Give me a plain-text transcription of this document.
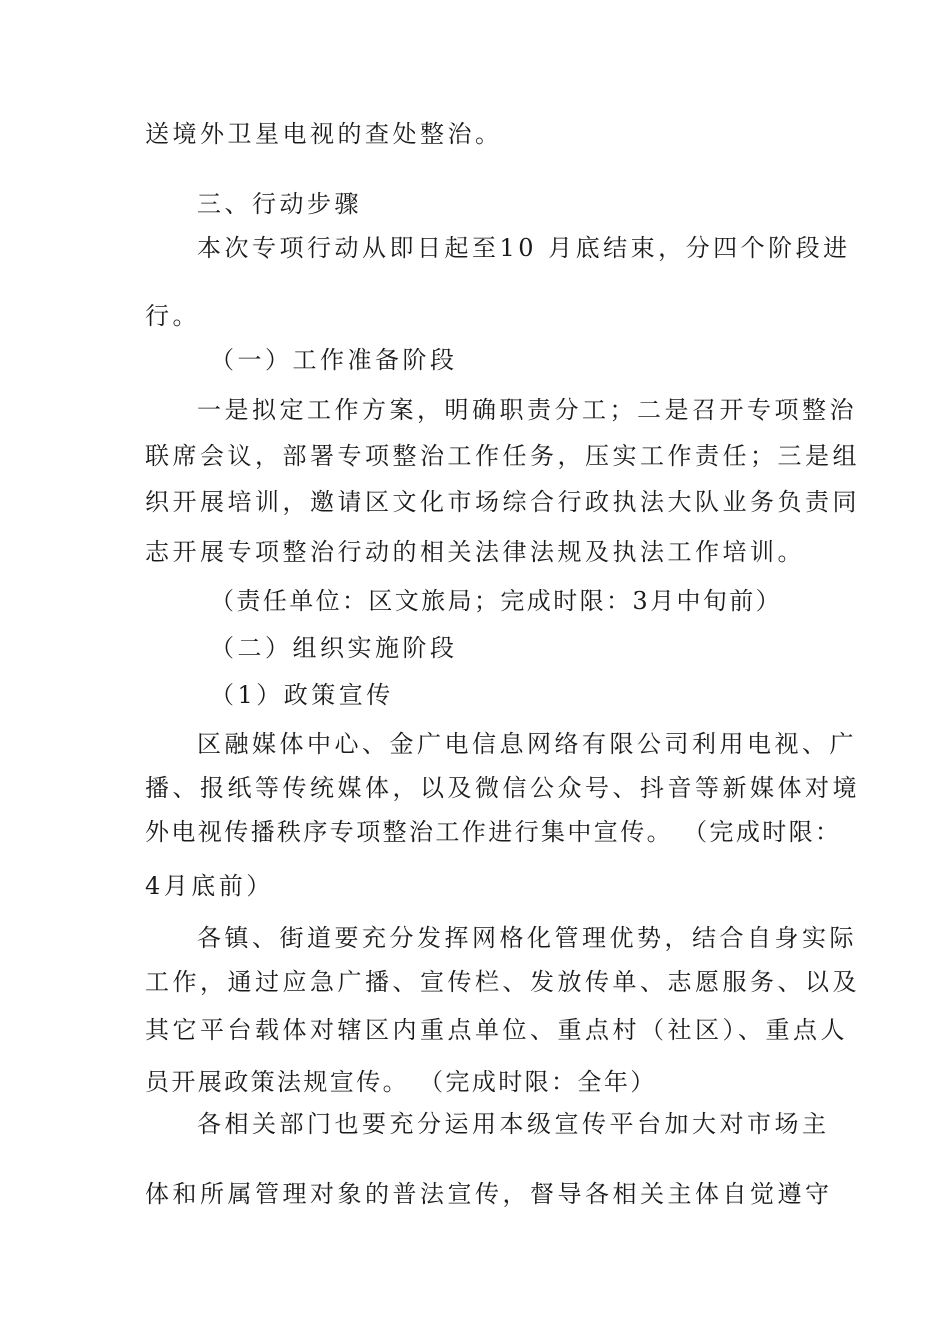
送境外卫星电视的查处整治。
三、行动步骤
本次专项行动从即日起至10 月底结束，分四个阶段进
行。
（一）工作准备阶段
一是拟定工作方案，明确职责分工；二是召开专项整治
联席会议，部署专项整治工作任务，压实工作责任；三是组
织开展培训，邀请区文化市场综合行政执法大队业务负责同
志开展专项整治行动的相关法律法规及执法工作培训。
（责任单位：区文旅局；完成时限：3月中旬前）
（二）组织实施阶段
（1）政策宣传
区融媒体中心、金广电信息网络有限公司利用电视、广
播、报纸等传统媒体，以及微信公众号、抖音等新媒体对境
外电视传播秩序专项整治工作进行集中宣传。 （完成时限：
4月底前）
各镇、街道要充分发挥网格化管理优势，结合自身实际
工作，通过应急广播、宣传栏、发放传单、志愿服务、以及
其它平台载体对辖区内重点单位、重点村（社区）、重点人
员开展政策法规宣传。 （完成时限：全年）
各相关部门也要充分运用本级宣传平台加大对市场主
体和所属管理对象的普法宣传，督导各相关主体自觉遵守
